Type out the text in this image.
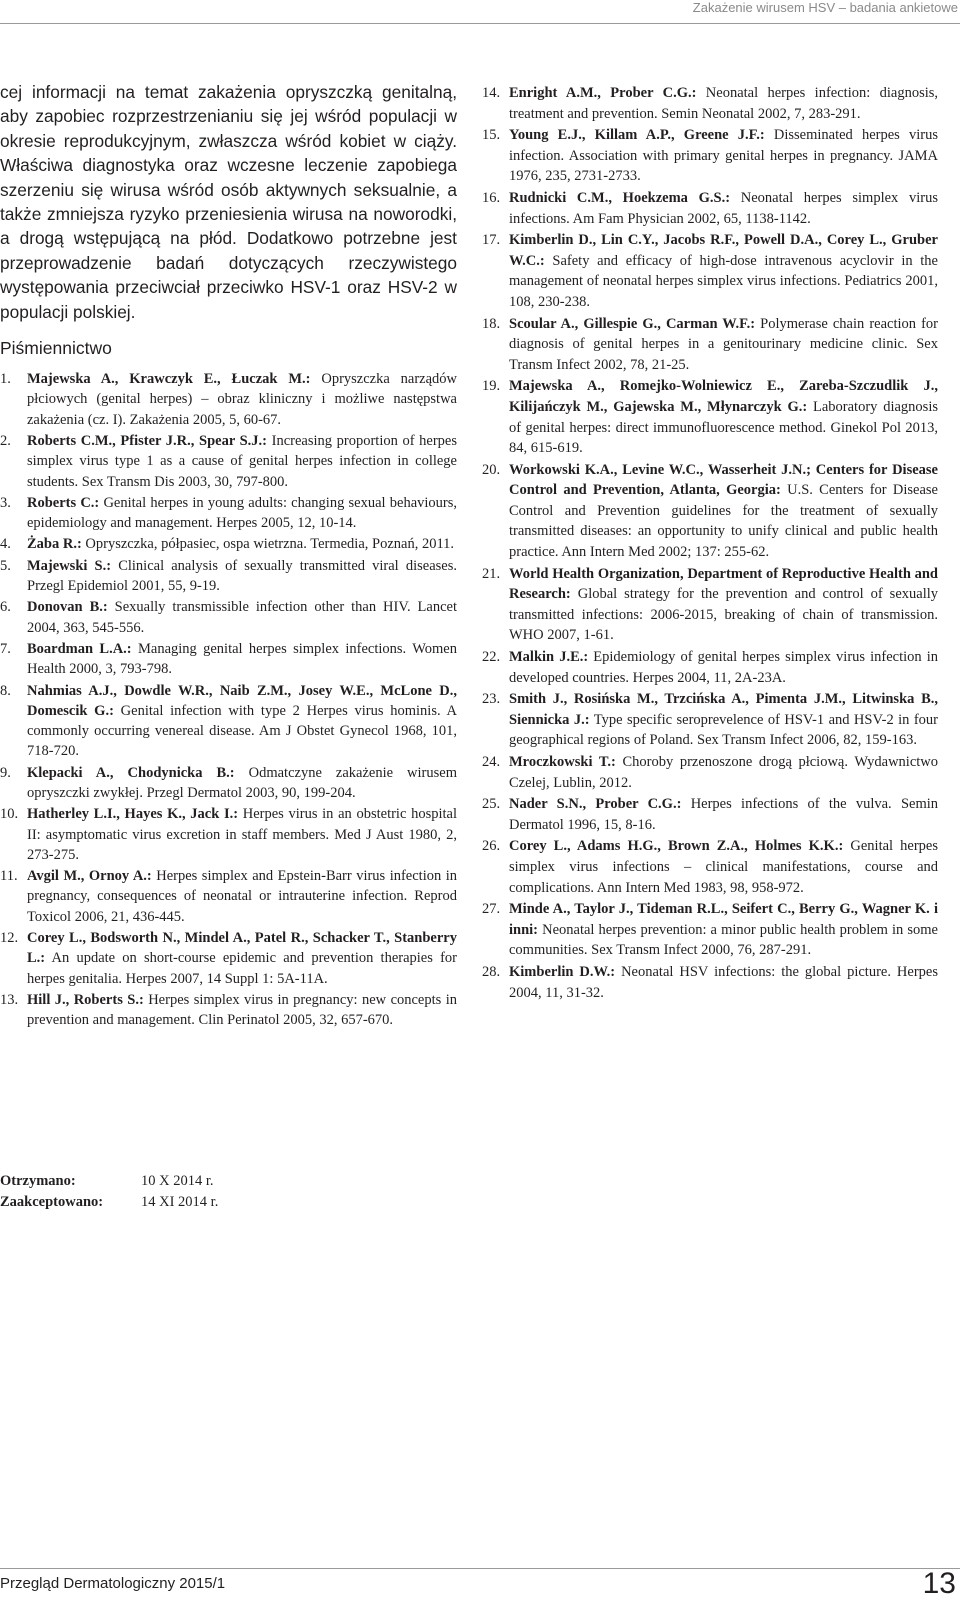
Zakażenie wirusem HSV – badania ankietowe

cej informacji na temat zakażenia opryszczką genitalną, aby zapobiec rozprzestrzenianiu się jej wśród populacji w okresie reprodukcyjnym, zwłaszcza wśród kobiet w ciąży. Właściwa diagnostyka oraz wczesne leczenie zapobiega szerzeniu się wirusa wśród osób aktywnych seksualnie, a także zmniejsza ryzyko przeniesienia wirusa na noworodki, a drogą wstępującą na płód. Dodatkowo potrzebne jest przeprowadzenie badań dotyczących rzeczywistego występowania przeciwciał przeciwko HSV-1 oraz HSV-2 w populacji polskiej.

Piśmiennictwo
1. Majewska A., Krawczyk E., Łuczak M.: Opryszczka narządów płciowych (genital herpes) – obraz kliniczny i możliwe następstwa zakażenia (cz. I). Zakażenia 2005, 5, 60-67.
2. Roberts C.M., Pfister J.R., Spear S.J.: Increasing proportion of herpes simplex virus type 1 as a cause of genital herpes infection in college students. Sex Transm Dis 2003, 30, 797-800.
3. Roberts C.: Genital herpes in young adults: changing sexual behaviours, epidemiology and management. Herpes 2005, 12, 10-14.
4. Żaba R.: Opryszczka, półpasiec, ospa wietrzna. Termedia, Poznań, 2011.
5. Majewski S.: Clinical analysis of sexually transmitted viral diseases. Przegl Epidemiol 2001, 55, 9-19.
6. Donovan B.: Sexually transmissible infection other than HIV. Lancet 2004, 363, 545-556.
7. Boardman L.A.: Managing genital herpes simplex infections. Women Health 2000, 3, 793-798.
8. Nahmias A.J., Dowdle W.R., Naib Z.M., Josey W.E., McLone D., Domescik G.: Genital infection with type 2 Herpes virus hominis. A commonly occurring venereal disease. Am J Obstet Gynecol 1968, 101, 718-720.
9. Klepacki A., Chodynicka B.: Odmatczyne zakażenie wirusem opryszczki zwykłej. Przegl Dermatol 2003, 90, 199-204.
10. Hatherley L.I., Hayes K., Jack I.: Herpes virus in an obstetric hospital II: asymptomatic virus excretion in staff members. Med J Aust 1980, 2, 273-275.
11. Avgil M., Ornoy A.: Herpes simplex and Epstein-Barr virus infection in pregnancy, consequences of neonatal or intrauterine infection. Reprod Toxicol 2006, 21, 436-445.
12. Corey L., Bodsworth N., Mindel A., Patel R., Schacker T., Stanberry L.: An update on short-course epidemic and prevention therapies for herpes genitalia. Herpes 2007, 14 Suppl 1: 5A-11A.
13. Hill J., Roberts S.: Herpes simplex virus in pregnancy: new concepts in prevention and management. Clin Perinatol 2005, 32, 657-670.
14. Enright A.M., Prober C.G.: Neonatal herpes infection: diagnosis, treatment and prevention. Semin Neonatal 2002, 7, 283-291.
15. Young E.J., Killam A.P., Greene J.F.: Disseminated herpes virus infection. Association with primary genital herpes in pregnancy. JAMA 1976, 235, 2731-2733.
16. Rudnicki C.M., Hoekzema G.S.: Neonatal herpes simplex virus infections. Am Fam Physician 2002, 65, 1138-1142.
17. Kimberlin D., Lin C.Y., Jacobs R.F., Powell D.A., Corey L., Gruber W.C.: Safety and efficacy of high-dose intravenous acyclovir in the management of neonatal herpes simplex virus infections. Pediatrics 2001, 108, 230-238.
18. Scoular A., Gillespie G., Carman W.F.: Polymerase chain reaction for diagnosis of genital herpes in a genitourinary medicine clinic. Sex Transm Infect 2002, 78, 21-25.
19. Majewska A., Romejko-Wolniewicz E., Zareba-Szczudlik J., Kilijańczyk M., Gajewska M., Młynarczyk G.: Laboratory diagnosis of genital herpes: direct immunofluorescence method. Ginekol Pol 2013, 84, 615-619.
20. Workowski K.A., Levine W.C., Wasserheit J.N.; Centers for Disease Control and Prevention, Atlanta, Georgia: U.S. Centers for Disease Control and Prevention guidelines for the treatment of sexually transmitted diseases: an opportunity to unify clinical and public health practice. Ann Intern Med 2002; 137: 255-62.
21. World Health Organization, Department of Reproductive Health and Research: Global strategy for the prevention and control of sexually transmitted infections: 2006-2015, breaking of chain of transmission. WHO 2007, 1-61.
22. Malkin J.E.: Epidemiology of genital herpes simplex virus infection in developed countries. Herpes 2004, 11, 2A-23A.
23. Smith J., Rosińska M., Trzcińska A., Pimenta J.M., Litwinska B., Siennicka J.: Type specific seroprevelence of HSV-1 and HSV-2 in four geographical regions of Poland. Sex Transm Infect 2006, 82, 159-163.
24. Mroczkowski T.: Choroby przenoszone drogą płciową. Wydawnictwo Czelej, Lublin, 2012.
25. Nader S.N., Prober C.G.: Herpes infections of the vulva. Semin Dermatol 1996, 15, 8-16.
26. Corey L., Adams H.G., Brown Z.A., Holmes K.K.: Genital herpes simplex virus infections – clinical manifestations, course and complications. Ann Intern Med 1983, 98, 958-972.
27. Minde A., Taylor J., Tideman R.L., Seifert C., Berry G., Wagner K. i inni: Neonatal herpes prevention: a minor public health problem in some communities. Sex Transm Infect 2000, 76, 287-291.
28. Kimberlin D.W.: Neonatal HSV infections: the global picture. Herpes 2004, 11, 31-32.
Otrzymano:	10 X 2014 r.
Zaakceptowano:	14 XI 2014 r.
Przegląd Dermatologiczny 2015/1	13
